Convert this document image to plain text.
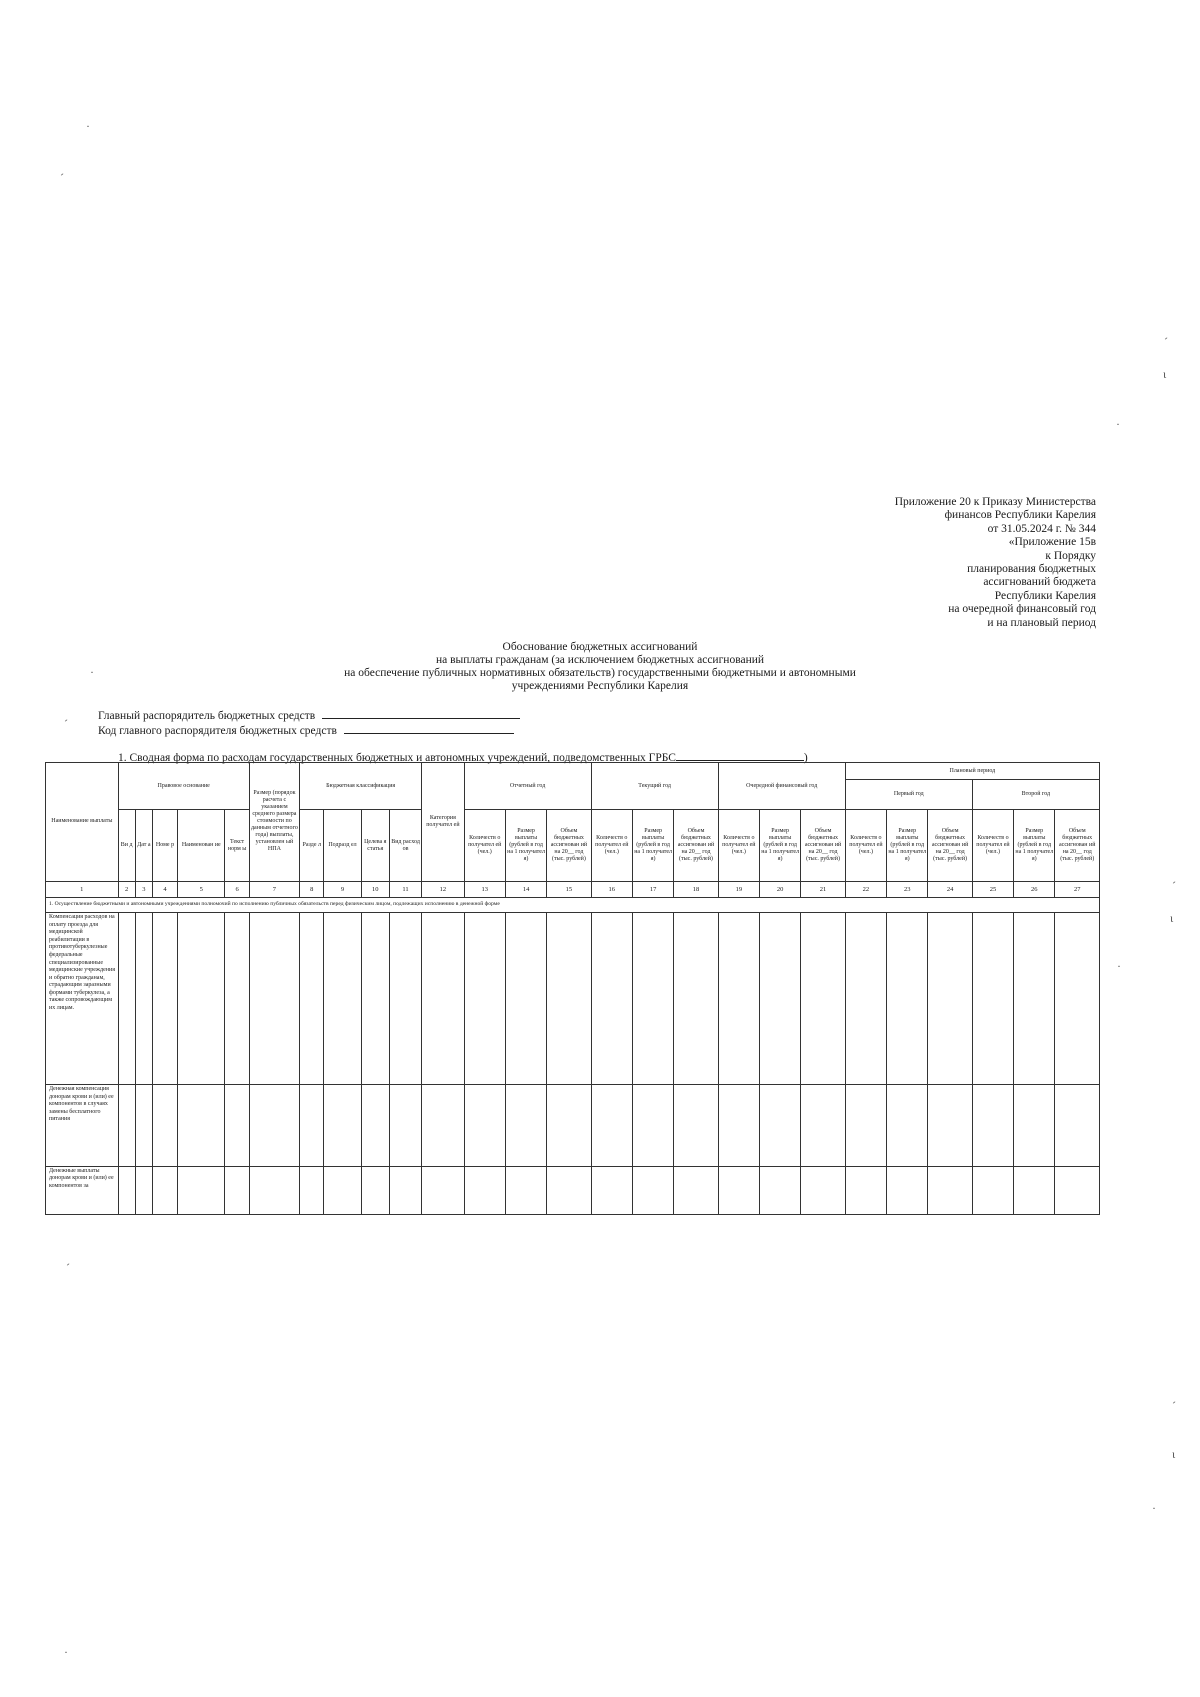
·
ˊ
ˊ
ι
·
·
ˊ
ˊ
ι
·
ˊ
ˊ
ι
·
·
Приложение 20 к Приказу Министерства
финансов Республики Карелия
от 31.05.2024 г. № 344
«Приложение 15в
к Порядку
планирования бюджетных
ассигнований бюджета
Республики Карелия
на очередной финансовый год
и на плановый период
Обоснование бюджетных ассигнований
на выплаты гражданам (за исключением бюджетных ассигнований
на обеспечение публичных нормативных обязательств) государственными бюджетными и автономными
учреждениями Республики Карелия
Главный распорядитель бюджетных средств
Код главного распорядителя бюджетных средств
1. Сводная форма по расходам государственных бюджетных и автономных учреждений, подведомственных ГРБС	)
Наименование выплаты	Правовое основание					Размер (порядок расчета с указанием среднего размера стоимости по данным отчетного года) выплаты, установлен ый НПА	Бюджетная классификация				Категория получател ей	Отчетный год			Текущий год			Очередной финансовый год			Плановый период					
																					Первый год			Второй год		
	Ви д	Дат а	Номе р	Наименован ие	Текст норм ы		Разде л	Подразд ел	Целева я статья	Вид расход ов		Количеств о получател ей (чел.)	Размер выплаты (рублей в год на 1 получател я)	Объем бюджетных ассигнован ий на 20__ год (тыс. рублей)	Количеств о получател ей (чел.)	Размер выплаты (рублей в год на 1 получател я)	Объем бюджетных ассигнован ий на 20__ год (тыс. рублей)	Количеств о получател ей (чел.)	Размер выплаты (рублей в год на 1 получател я)	Объем бюджетных ассигнован ий на 20__ год (тыс. рублей)	Количеств о получател ей (чел.)	Размер выплаты (рублей в год на 1 получател я)	Объем бюджетных ассигнован ий на 20__ год (тыс. рублей)	Количеств о получател ей (чел.)	Размер выплаты (рублей в год на 1 получател я)	Объем бюджетных ассигнован ий на 20__ год (тыс. рублей)
1	2	3	4	5	6	7	8	9	10	11	12	13	14	15	16	17	18	19	20	21	22	23	24	25	26	27
1. Осуществление бюджетными и автономными учреждениями полномочий по исполнению публичных обязательств перед физическим лицом, подлежащих исполнению в денежной форме																										
Компенсация расходов на оплату проезда для медицинской реабилитации в противотуберкулезные федеральные специализированные медицинские учреждения и обратно гражданам, страдающим заразными формами туберкулеза, а также сопровождающим их лицам.																										
Денежная компенсация донорам крови и (или) ее компонентов в случаях замены бесплатного питания																										
Денежные выплаты донорам крови и (или) ее компонентов за																										
